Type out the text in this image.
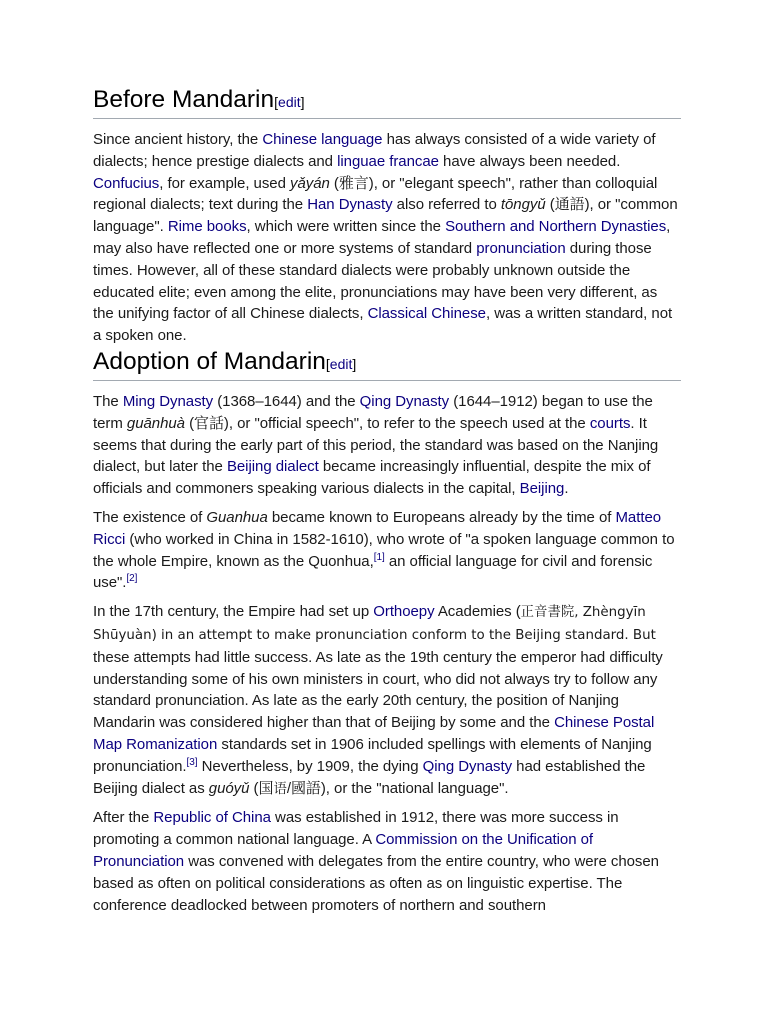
Before Mandarin[edit]

Since ancient history, the Chinese language has always consisted of a wide variety of dialects; hence prestige dialects and linguae francae have always been needed. Confucius, for example, used yǎyán (雅言), or "elegant speech", rather than colloquial regional dialects; text during the Han Dynasty also referred to tōngyǔ (通語), or "common language". Rime books, which were written since the Southern and Northern Dynasties, may also have reflected one or more systems of standard pronunciation during those times. However, all of these standard dialects were probably unknown outside the educated elite; even among the elite, pronunciations may have been very different, as the unifying factor of all Chinese dialects, Classical Chinese, was a written standard, not a spoken one.

Adoption of Mandarin[edit]

The Ming Dynasty (1368–1644) and the Qing Dynasty (1644–1912) began to use the term guānhuà (官話), or "official speech", to refer to the speech used at the courts. It seems that during the early part of this period, the standard was based on the Nanjing dialect, but later the Beijing dialect became increasingly influential, despite the mix of officials and commoners speaking various dialects in the capital, Beijing.

The existence of Guanhua became known to Europeans already by the time of Matteo Ricci (who worked in China in 1582-1610), who wrote of "a spoken language common to the whole Empire, known as the Quonhua,[1] an official language for civil and forensic use".[2]

In the 17th century, the Empire had set up Orthoepy Academies (正音書院, Zhèngyīn Shūyuàn) in an attempt to make pronunciation conform to the Beijing standard. But these attempts had little success. As late as the 19th century the emperor had difficulty understanding some of his own ministers in court, who did not always try to follow any standard pronunciation. As late as the early 20th century, the position of Nanjing Mandarin was considered higher than that of Beijing by some and the Chinese Postal Map Romanization standards set in 1906 included spellings with elements of Nanjing pronunciation.[3] Nevertheless, by 1909, the dying Qing Dynasty had established the Beijing dialect as guóyǔ (国语/國語), or the "national language".

After the Republic of China was established in 1912, there was more success in promoting a common national language. A Commission on the Unification of Pronunciation was convened with delegates from the entire country, who were chosen based as often on political considerations as often as on linguistic expertise. The conference deadlocked between promoters of northern and southern
